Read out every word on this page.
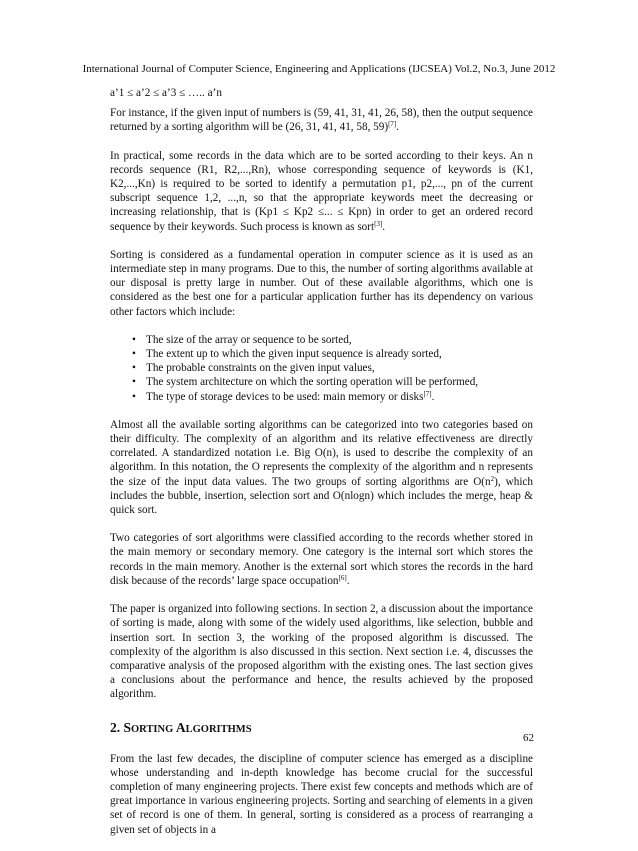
International Journal of Computer Science, Engineering and Applications (IJCSEA) Vol.2, No.3, June 2012

a’1 ≤ a’2 ≤ a’3 ≤ ….. a’n

For instance, if the given input of numbers is (59, 41, 31, 41, 26, 58), then the output sequence returned by a sorting algorithm will be (26, 31, 41, 41, 58, 59)[7].

In practical, some records in the data which are to be sorted according to their keys. An n records sequence (R1, R2,...,Rn), whose corresponding sequence of keywords is (K1, K2,...,Kn) is required to be sorted to identify a permutation p1, p2,..., pn of the current subscript sequence 1,2, ...,n, so that the appropriate keywords meet the decreasing or increasing relationship, that is (Kp1 ≤ Kp2 ≤... ≤ Kpn) in order to get an ordered record sequence by their keywords. Such process is known as sort[3].

Sorting is considered as a fundamental operation in computer science as it is used as an intermediate step in many programs. Due to this, the number of sorting algorithms available at our disposal is pretty large in number. Out of these available algorithms, which one is considered as the best one for a particular application further has its dependency on various other factors which include:

• The size of the array or sequence to be sorted,
• The extent up to which the given input sequence is already sorted,
• The probable constraints on the given input values,
• The system architecture on which the sorting operation will be performed,
• The type of storage devices to be used: main memory or disks[7].

Almost all the available sorting algorithms can be categorized into two categories based on their difficulty. The complexity of an algorithm and its relative effectiveness are directly correlated. A standardized notation i.e. Big O(n), is used to describe the complexity of an algorithm. In this notation, the O represents the complexity of the algorithm and n represents the size of the input data values. The two groups of sorting algorithms are $O(n^2)$, which includes the bubble, insertion, selection sort and O(nlogn) which includes the merge, heap & quick sort.

Two categories of sort algorithms were classified according to the records whether stored in the main memory or secondary memory. One category is the internal sort which stores the records in the main memory. Another is the external sort which stores the records in the hard disk because of the records’ large space occupation[6].

The paper is organized into following sections. In section 2, a discussion about the importance of sorting is made, along with some of the widely used algorithms, like selection, bubble and insertion sort. In section 3, the working of the proposed algorithm is discussed. The complexity of the algorithm is also discussed in this section. Next section i.e. 4, discusses the comparative analysis of the proposed algorithm with the existing ones. The last section gives a conclusions about the performance and hence, the results achieved by the proposed algorithm.

2. SORTING ALGORITHMS

From the last few decades, the discipline of computer science has emerged as a discipline whose understanding and in-depth knowledge has become crucial for the successful completion of many engineering projects. There exist few concepts and methods which are of great importance in various engineering projects. Sorting and searching of elements in a given set of record is one of them. In general, sorting is considered as a process of rearranging a given set of objects in a

62
